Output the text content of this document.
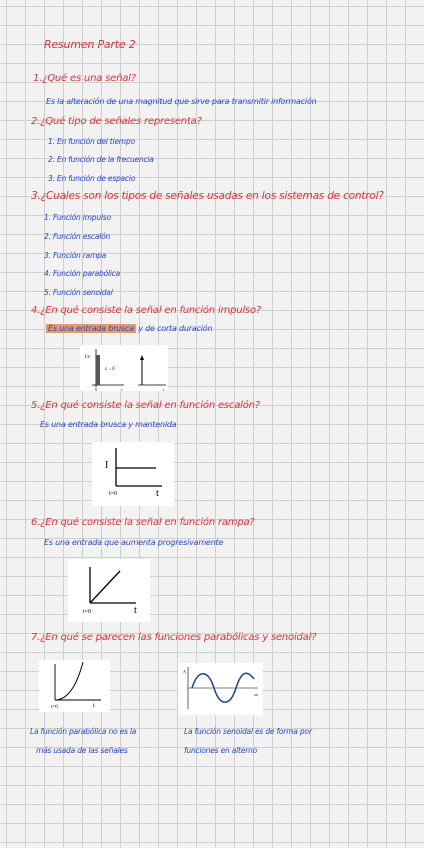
Resumen Parte 2
1.¿Qué es una señal?
Es la alteración de una magnitud que sirve para transmitir información
2.¿Qué tipo de señales representa?
1. En función del tiempo
2. En función de la frecuencia
3. En función de espacio
3.¿Cuales son los tipos de señales usadas en los sistemas de control?
1. Función impulso
2. Función escalón
3. Función rampa
4. Función parabólica
5. Función senoidal
4.¿En qué consiste la señal en función impulso?
Es una entrada brusca y de corta duración
1/ε
ε→0
0	t	t
5.¿En qué consiste la señal en función escalón?
Es una entrada brusca y mantenida
I
t=0	t
6.¿En qué consiste la señal en función rampa?
Es una entrada que aumenta progresivamente
t=0	t
7.¿En qué se parecen las funciones parabólicas y senoidal?
t=0	t
A
ωt
La función parabólica no es la
más usada de las señales
La función senoidal es de forma por
funciones en alterno
